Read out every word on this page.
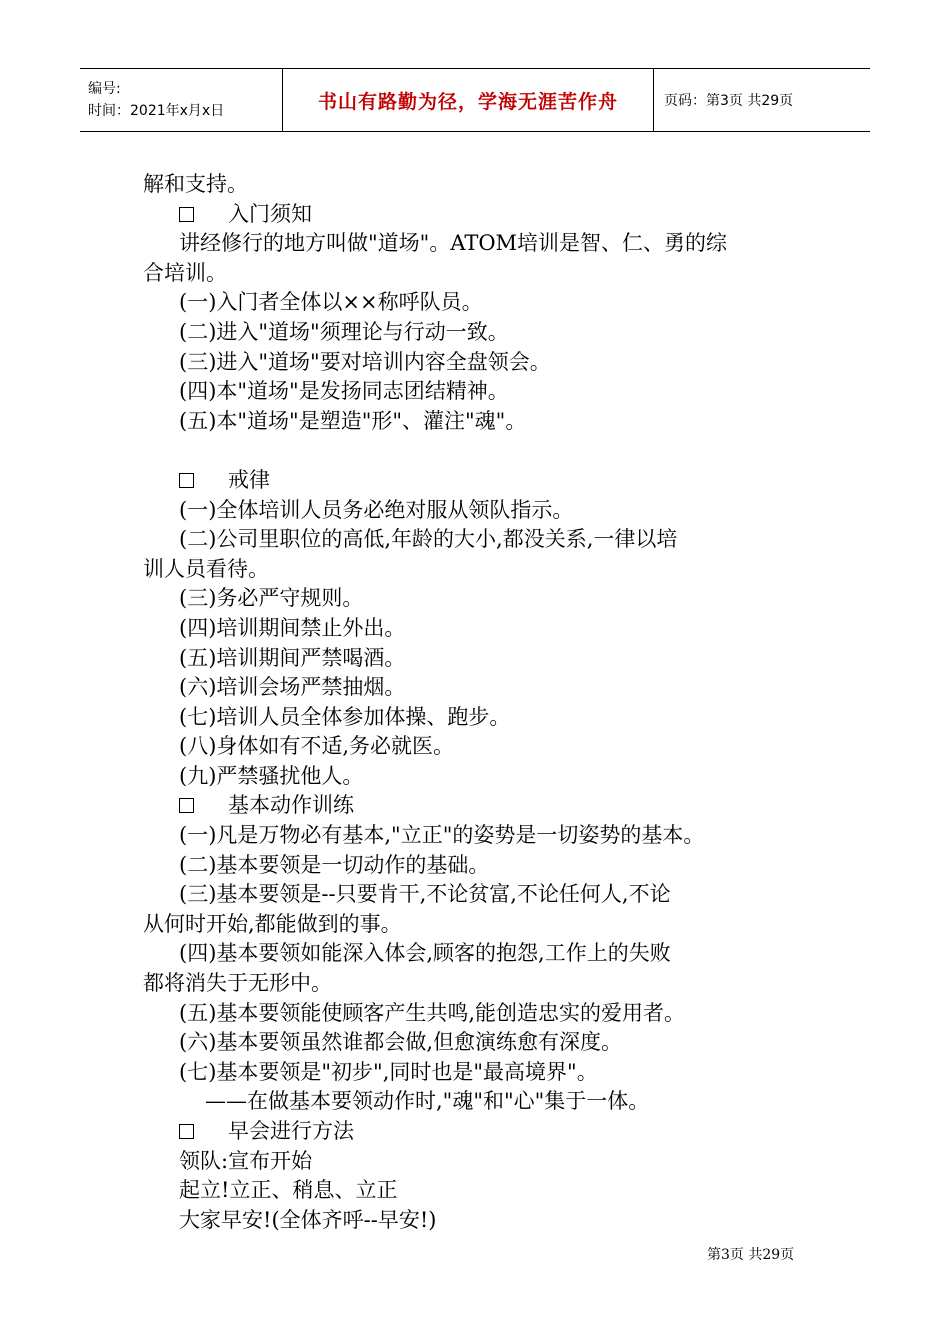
编号:
时间：2021年x月x日	书山有路勤为径，学海无涯苦作舟	页码：第3页 共29页
解和支持。
入门须知
讲经修行的地方叫做"道场"。ATOM培训是智、仁、勇的综
合培训。
(一)入门者全体以××称呼队员。
(二)进入"道场"须理论与行动一致。
(三)进入"道场"要对培训内容全盘领会。
(四)本"道场"是发扬同志团结精神。
(五)本"道场"是塑造"形"、灌注"魂"。
戒律
(一)全体培训人员务必绝对服从领队指示。
(二)公司里职位的高低,年龄的大小,都没关系,一律以培
训人员看待。
(三)务必严守规则。
(四)培训期间禁止外出。
(五)培训期间严禁喝酒。
(六)培训会场严禁抽烟。
(七)培训人员全体参加体操、跑步。
(八)身体如有不适,务必就医。
(九)严禁骚扰他人。
基本动作训练
(一)凡是万物必有基本,"立正"的姿势是一切姿势的基本。
(二)基本要领是一切动作的基础。
(三)基本要领是--只要肯干,不论贫富,不论任何人,不论
从何时开始,都能做到的事。
(四)基本要领如能深入体会,顾客的抱怨,工作上的失败
都将消失于无形中。
(五)基本要领能使顾客产生共鸣,能创造忠实的爱用者。
(六)基本要领虽然谁都会做,但愈演练愈有深度。
(七)基本要领是"初步",同时也是"最高境界"。
——在做基本要领动作时,"魂"和"心"集于一体。
早会进行方法
领队:宣布开始
起立!立正、稍息、立正
大家早安!(全体齐呼--早安!)
第3页 共29页
